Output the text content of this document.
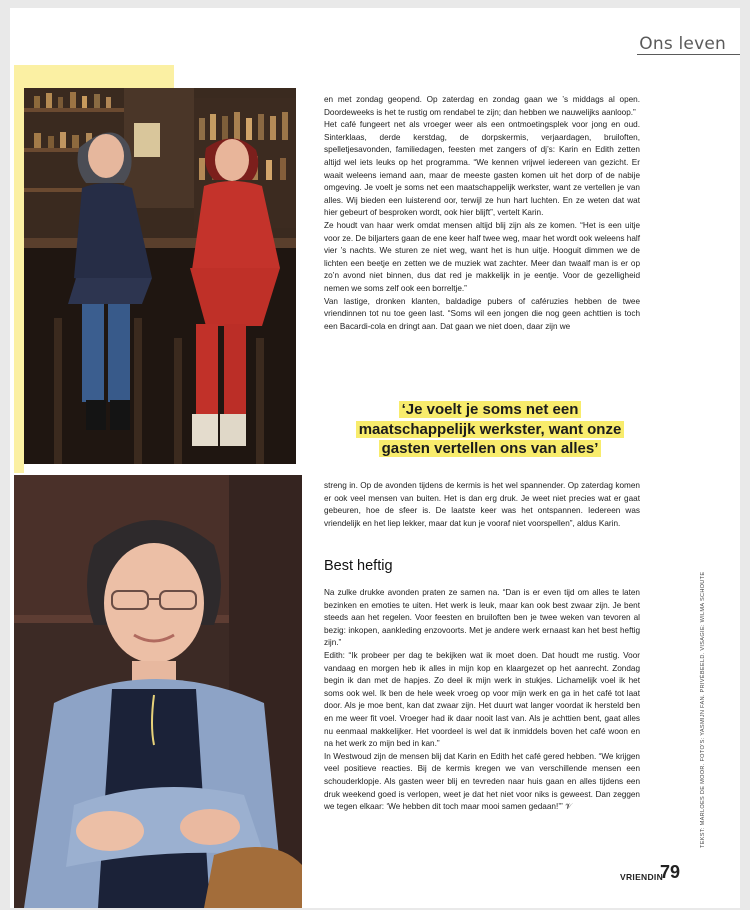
Ons leven

en met zondag geopend. Op zaterdag en zondag gaan we ’s middags al open. Doordeweeks is het te rustig om rendabel te zijn; dan hebben we nauwelijks aanloop.”

Het café fungeert net als vroeger weer als een ontmoetingsplek voor jong en oud. Sinterklaas, derde kerstdag, de dorpskermis, verjaardagen, bruiloften, spelletjesavonden, familiedagen, feesten met zangers of dj’s: Karin en Edith zetten altijd wel iets leuks op het programma. “We kennen vrijwel iedereen van gezicht. Er waait weleens iemand aan, maar de meeste gasten komen uit het dorp of de nabije omgeving. Je voelt je soms net een maatschappelijk werkster, want ze vertellen je van alles. Wij bieden een luisterend oor, terwijl ze hun hart luchten. En ze weten dat wat hier gebeurt of besproken wordt, ook hier blijft”, vertelt Karin.

Ze houdt van haar werk omdat mensen altijd blij zijn als ze komen. “Het is een uitje voor ze. De biljarters gaan de ene keer half twee weg, maar het wordt ook weleens half vier ’s nachts. We sturen ze niet weg, want het is hun uitje. Hooguit dimmen we de lichten een beetje en zetten we de muziek wat zachter. Meer dan twaalf man is er op zo’n avond niet binnen, dus dat red je makkelijk in je eentje. Voor de gezelligheid nemen we soms zelf ook een borreltje.”

Van lastige, dronken klanten, baldadige pubers of caféruzies hebben de twee vriendinnen tot nu toe geen last. “Soms wil een jongen die nog geen achttien is toch een Bacardi-cola en dringt aan. Dat gaan we niet doen, daar zijn we

‘Je voelt je soms net een
maatschappelijk werkster, want onze
gasten vertellen ons van alles’

streng in. Op de avonden tijdens de kermis is het wel spannender. Op zaterdag komen er ook veel mensen van buiten. Het is dan erg druk. Je weet niet precies wat er gaat gebeuren, hoe de sfeer is. De laatste keer was het ontspannen. Iedereen was vriendelijk en het liep lekker, maar dat kun je vooraf niet voorspellen”, aldus Karin.

Best heftig

Na zulke drukke avonden praten ze samen na. “Dan is er even tijd om alles te laten bezinken en emoties te uiten. Het werk is leuk, maar kan ook best zwaar zijn. Je bent steeds aan het regelen. Voor feesten en bruiloften ben je twee weken van tevoren al bezig: inkopen, aankleding enzovoorts. Met je andere werk ernaast kan het best heftig zijn.”

Edith: “Ik probeer per dag te bekijken wat ik moet doen. Dat houdt me rustig. Voor vandaag en morgen heb ik alles in mijn kop en klaargezet op het aanrecht. Zondag begin ik dan met de hapjes. Zo deel ik mijn werk in stukjes. Lichamelijk voel ik het soms ook wel. Ik ben de hele week vroeg op voor mijn werk en ga in het café tot laat door. Als je moe bent, kan dat zwaar zijn. Het duurt wat langer voordat ik hersteld ben en me weer fit voel. Vroeger had ik daar nooit last van. Als je achttien bent, gaat alles nu eenmaal makkelijker. Het voordeel is wel dat ik inmiddels boven het café woon en na het werk zo mijn bed in kan.”

In Westwoud zijn de mensen blij dat Karin en Edith het café gered hebben. “We krijgen veel positieve reacties. Bij de kermis kregen we van verschillende mensen een schouderklopje. Als gasten weer blij en tevreden naar huis gaan en alles tijdens een druk weekend goed is verlopen, weet je dat het niet voor niks is geweest. Dan zeggen we tegen elkaar: ‘We hebben dit toch maar mooi samen gedaan!’” 𝒱	TEKST: MARLOES DE MOOR. FOTO’S: YASMIJN FAN. PRIVÉBEELD. VISAGIE: WILMA SCHOUTE
VRIENDIN
79
